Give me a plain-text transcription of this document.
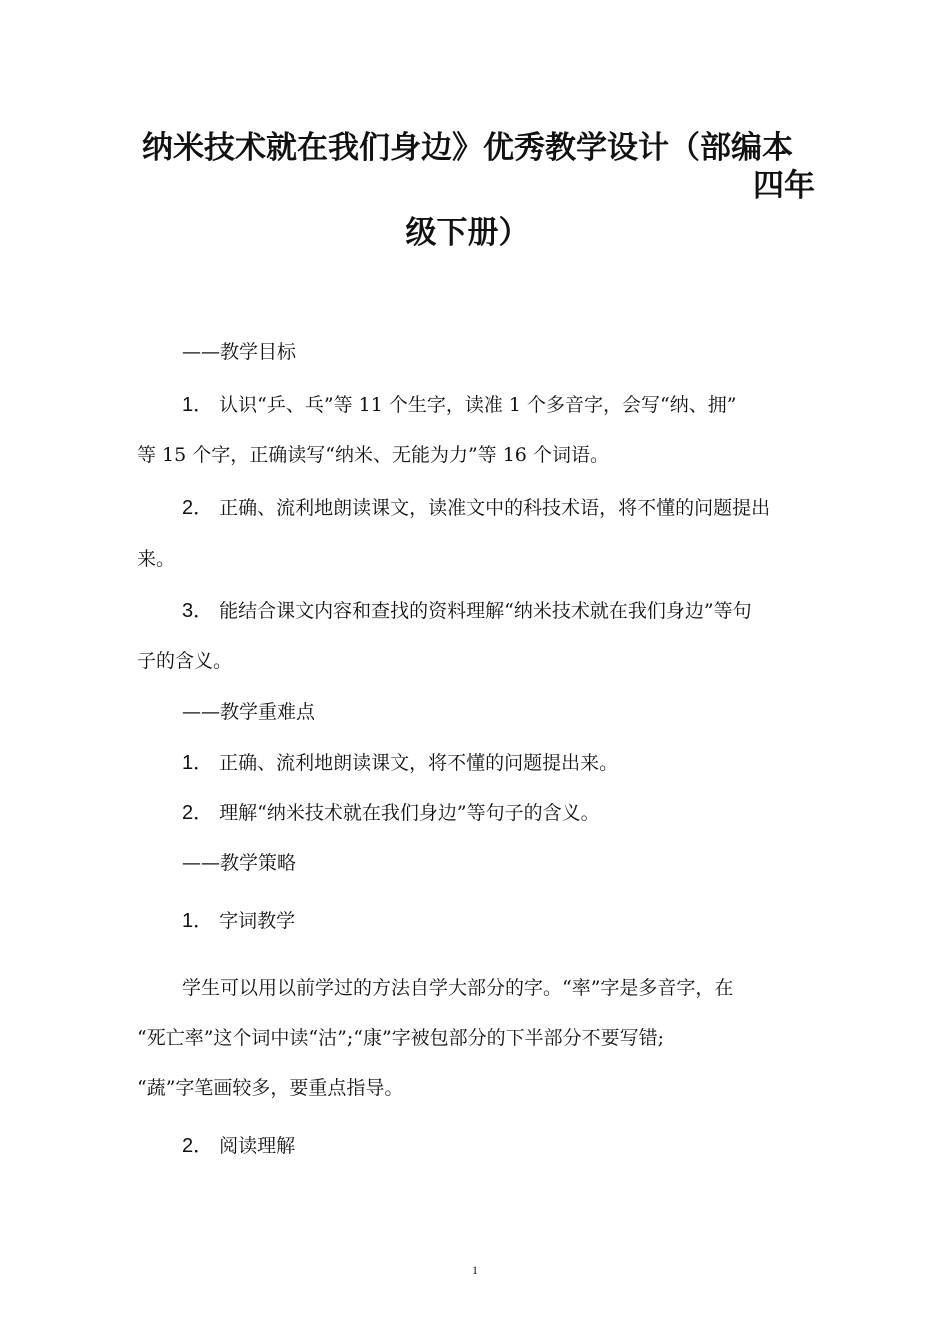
纳米技术就在我们身边》优秀教学设计（部编本
四年
级下册）

——教学目标

1． 认识“乒、乓”等 11 个生字，读准 1 个多音字，会写“纳、拥”

等 15 个字，正确读写“纳米、无能为力”等 16 个词语。

2． 正确、流利地朗读课文，读准文中的科技术语，将不懂的问题提出

来。

3． 能结合课文内容和查找的资料理解“纳米技术就在我们身边”等句

子的含义。

——教学重难点

1． 正确、流利地朗读课文，将不懂的问题提出来。

2． 理解“纳米技术就在我们身边”等句子的含义。

——教学策略

1． 字词教学

学生可以用以前学过的方法自学大部分的字。“率”字是多音字，在

“死亡率”这个词中读“沽”;“康”字被包部分的下半部分不要写错;

“蔬”字笔画较多，要重点指导。

2． 阅读理解

1
